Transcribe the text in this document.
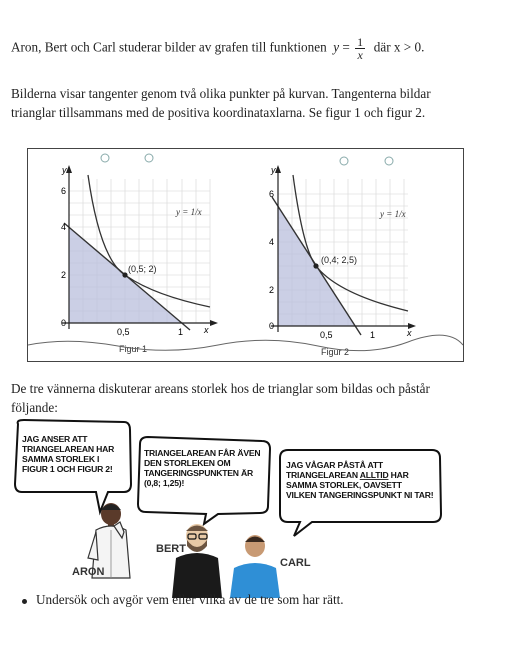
Aron, Bert och Carl studerar bilder av grafen till funktionen $y = \frac{1}{x}$ där x > 0.
Bilderna visar tangenter genom två olika punkter på kurvan. Tangenterna bildar
trianglar tillsammans med de positiva koordinataxlarna. Se figur 1 och figur 2.
(0,5; 2)
y = 1/x
y
x
6
4
2
0
0,5	1
Figur 1
(0,4; 2,5)
y = 1/x
y
x
6
4
2
0
0,5	1
Figur 2
De tre vännerna diskuterar areans storlek hos de trianglar som bildas och påstår
följande:
JAG ANSER ATT
TRIANGELAREAN HAR
SAMMA STORLEK I
FIGUR 1 OCH FIGUR 2!
TRIANGELAREAN FÅR ÄVEN
DEN STORLEKEN OM
TANGERINGSPUNKTEN ÄR
(0,8; 1,25)!
JAG VÅGAR PÅSTÅ ATT
TRIANGELAREAN ALLTID HAR
SAMMA STORLEK, OAVSETT
VILKEN TANGERINGSPUNKT NI TAR!
ARON
BERT
CARL
Undersök och avgör vem eller vilka av de tre som har rätt.
